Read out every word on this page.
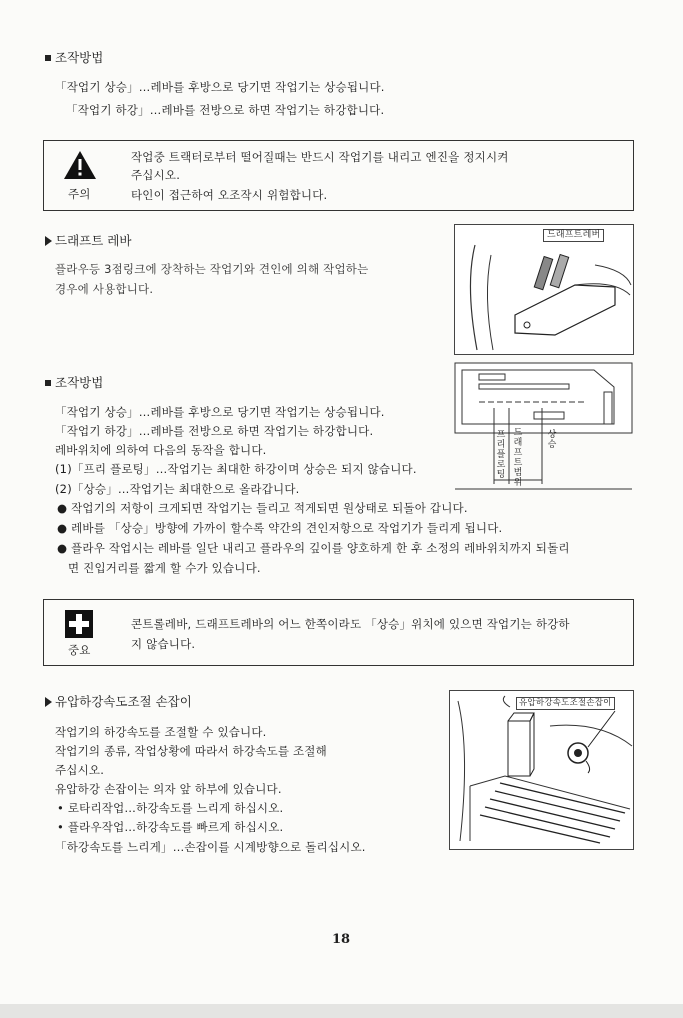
조작방법
「작업기 상승」…레바를 후방으로 당기면 작업기는 상승됩니다.
「작업기 하강」…레바를 전방으로 하면 작업기는 하강합니다.
주의
작업중 트랙터로부터 떨어질때는 반드시 작업기를 내리고 엔진을 정지시켜
주십시오.
타인이 접근하여 오조작시 위험합니다.
드래프트 레바
플라우등 3점링크에 장착하는 작업기와 견인에 의해 작업하는
경우에 사용합니다.
드래프트레버
조작방법
「작업기 상승」…레바를 후방으로 당기면 작업기는 상승됩니다.
「작업기 하강」…레바를 전방으로 하면 작업기는 하강합니다.
레바위치에 의하여 다음의 동작을 합니다.
(1)「프리 플로팅」…작업기는 최대한 하강이며 상승은 되지 않습니다.
(2)「상승」…작업기는 최대한으로 올라갑니다.
● 작업기의 저항이 크게되면 작업기는 들리고 적게되면 원상태로 되돌아 갑니다.
● 레바를 「상승」방향에 가까이 할수록 약간의 견인저항으로 작업기가 들리게 됩니다.
● 플라우 작업시는 레바를 일단 내리고 플라우의 깊이를 양호하게 한 후 소정의 레바위치까지 되돌리
면 진입거리를 짧게 할 수가 있습니다.
프리플로팅
드래프트범위
상승
중요
콘트롤레바, 드래프트레바의 어느 한쪽이라도 「상승」위치에 있으면 작업기는 하강하
지 않습니다.
유압하강속도조절 손잡이
작업기의 하강속도를 조절할 수 있습니다.
작업기의 종류, 작업상황에 따라서 하강속도를 조절해
주십시오.
유압하강 손잡이는 의자 앞 하부에 있습니다.
• 로타리작업…하강속도를 느리게 하십시오.
• 플라우작업…하강속도를 빠르게 하십시오.
「하강속도를 느리게」…손잡이를 시계방향으로 돌리십시오.
유압하강속도조절손잡이
18
